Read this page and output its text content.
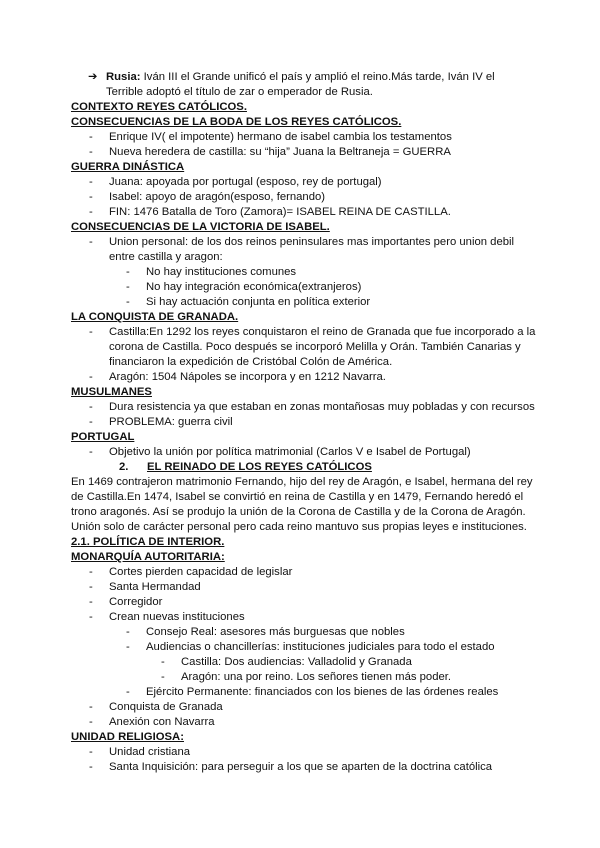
➔ Rusia: Iván III el Grande unificó el país y amplió el reino.Más tarde, Iván IV el
Terrible adoptó el título de zar o emperador de Rusia.
CONTEXTO REYES CATÓLICOS.
CONSECUENCIAS DE LA BODA DE LOS REYES CATÓLICOS.
-	Enrique IV( el impotente) hermano de isabel cambia los testamentos
-	Nueva heredera de castilla: su “hija” Juana la Beltraneja = GUERRA
GUERRA DINÁSTICA
-	Juana: apoyada por portugal (esposo, rey de portugal)
-	Isabel: apoyo de aragón(esposo, fernando)
-	FIN: 1476 Batalla de Toro (Zamora)= ISABEL REINA DE CASTILLA.
CONSECUENCIAS DE LA VICTORIA DE ISABEL.
-	Union personal: de los dos reinos peninsulares mas importantes pero union debil
entre castilla y aragon:
-	No hay instituciones comunes
-	No hay integración económica(extranjeros)
-	Si hay actuación conjunta en política exterior
LA CONQUISTA DE GRANADA.
-	Castilla:En 1292 los reyes conquistaron el reino de Granada que fue incorporado a la
corona de Castilla. Poco después se incorporó Melilla y Orán. También Canarias y
financiaron la expedición de Cristóbal Colón de América.
-	Aragón: 1504 Nápoles se incorpora y en 1212 Navarra.
MUSULMANES
-	Dura resistencia ya que estaban en zonas montañosas muy pobladas y con recursos
-	PROBLEMA: guerra civil
PORTUGAL
-	Objetivo la unión por política matrimonial (Carlos V e Isabel de Portugal)
2.	EL REINADO DE LOS REYES CATÓLICOS
En 1469 contrajeron matrimonio Fernando, hijo del rey de Aragón, e Isabel, hermana del rey
de Castilla.En 1474, Isabel se convirtió en reina de Castilla y en 1479, Fernando heredó el
trono aragonés. Así se produjo la unión de la Corona de Castilla y de la Corona de Aragón.
Unión solo de carácter personal pero cada reino mantuvo sus propias leyes e instituciones.
2.1. POLÍTICA DE INTERIOR.
MONARQUÍA AUTORITARIA:
-	Cortes pierden capacidad de legislar
-	Santa Hermandad
-	Corregidor
-	Crean nuevas instituciones
-	Consejo Real: asesores más burguesas que nobles
-	Audiencias o chancillerías: instituciones judiciales para todo el estado
-	Castilla: Dos audiencias: Valladolid y Granada
-	Aragón: una por reino. Los señores tienen más poder.
-	Ejército Permanente: financiados con los bienes de las órdenes reales
-	Conquista de Granada
-	Anexión con Navarra
UNIDAD RELIGIOSA:
-	Unidad cristiana
-	Santa Inquisición: para perseguir a los que se aparten de la doctrina católica
